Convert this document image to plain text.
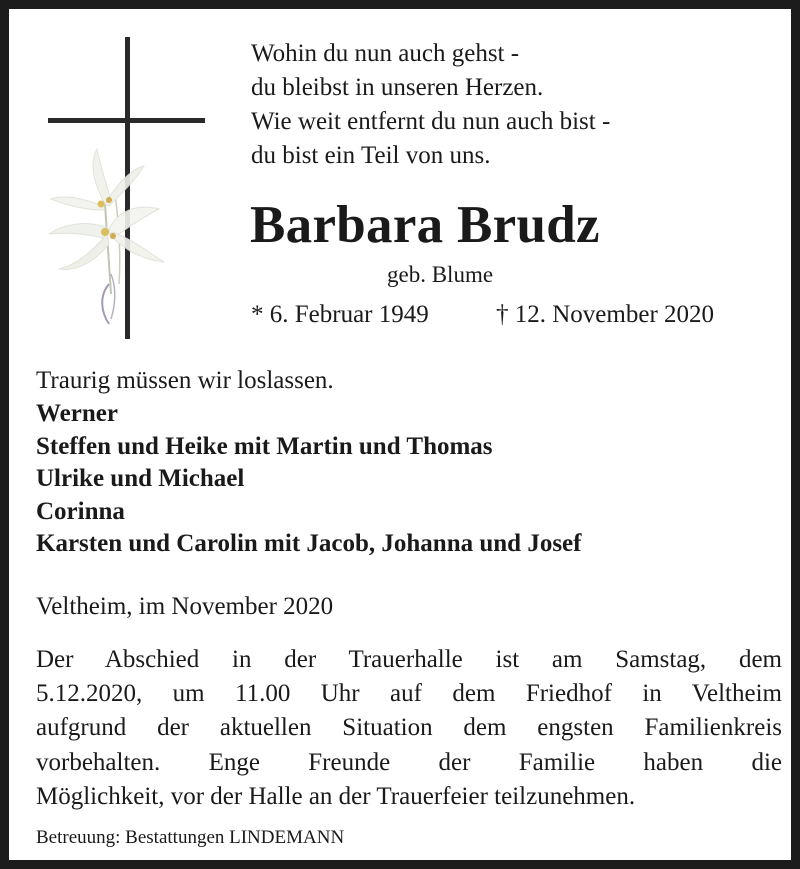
Wohin du nun auch gehst -
du bleibst in unseren Herzen.
Wie weit entfernt du nun auch bist -
du bist ein Teil von uns.
Barbara Brudz
geb. Blume
* 6. Februar 1949	† 12. November 2020
Traurig müssen wir loslassen.
Werner
Steffen und Heike mit Martin und Thomas
Ulrike und Michael
Corinna
Karsten und Carolin mit Jacob, Johanna und Josef
Veltheim, im November 2020
Der Abschied in der Trauerhalle ist am Samstag, dem
5.12.2020, um 11.00 Uhr auf dem Friedhof in Veltheim
aufgrund der aktuellen Situation dem engsten Familienkreis
vorbehalten. Enge Freunde der Familie haben die
Möglichkeit, vor der Halle an der Trauerfeier teilzunehmen.
Betreuung: Bestattungen LINDEMANN
